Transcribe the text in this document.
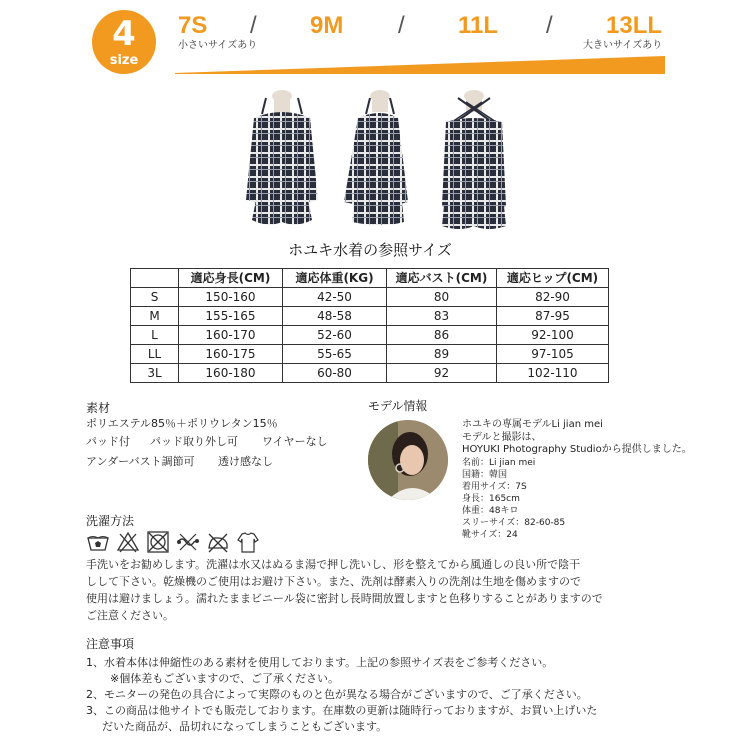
4
size
7S / 9M / 11L / 13LL
小さいサイズあり	大きいサイズあり
ホユキ水着の参照サイズ
	適応身長(CM)	適応体重(KG)	適応バスト(CM)	適応ヒップ(CM)
S	150-160	42-50	80	82-90
M	155-165	48-58	83	87-95
L	160-170	52-60	86	92-100
LL	160-175	55-65	89	97-105
3L	160-180	60-80	92	102-110
素材
ポリエステル85％＋ポリウレタン15％
パッド付 パッド取り外し可 ワイヤーなし
アンダーバスト調節可 透け感なし
モデル情報
ホユキの専属モデルLi jian mei
モデルと撮影は、
HOYUKI Photography Studioから提供しました。
名前：Li jian mei
国籍：韓国
着用サイズ：7S
身長：165cm
体重：48キロ
スリーサイズ：82-60-85
靴サイズ：24
洗濯方法
手洗いをお勧めします。洗濯は水又はぬるま湯で押し洗いし、形を整えてから風通しの良い所で陰干
しして下さい。乾燥機のご使用はお避け下さい。また、洗剤は酵素入りの洗剤は生地を傷めますので
使用は避けましょう。濡れたままビニール袋に密封し長時間放置しますと色移りすることがありますので
ご注意ください。
注意事項
1、水着本体は伸縮性のある素材を使用しております。上記の参照サイズ表をご参考ください。
※個体差もございますので、ご了承ください。
2、モニターの発色の具合によって実際のものと色が異なる場合がございますので、ご了承ください。
3、この商品は他サイトでも販売しております。在庫数の更新は随時行っておりますが、お買い上げいた
だいた商品が、品切れになってしまうこともございます。
